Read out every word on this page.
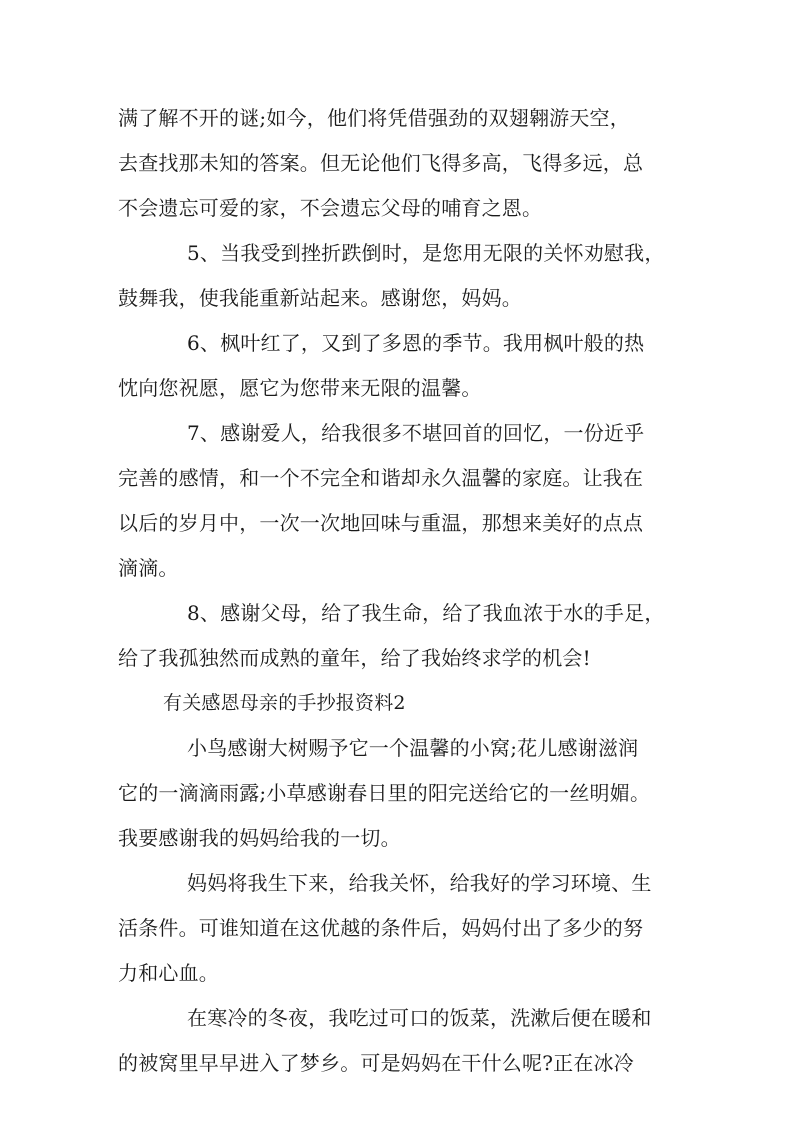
满了解不开的谜;如今，他们将凭借强劲的双翅翱游天空，
去查找那未知的答案。但无论他们飞得多高，飞得多远，总
不会遗忘可爱的家，不会遗忘父母的哺育之恩。
5、当我受到挫折跌倒时，是您用无限的关怀劝慰我，
鼓舞我，使我能重新站起来。感谢您，妈妈。
6、枫叶红了，又到了多恩的季节。我用枫叶般的热
忱向您祝愿，愿它为您带来无限的温馨。
7、感谢爱人，给我很多不堪回首的回忆，一份近乎
完善的感情，和一个不完全和谐却永久温馨的家庭。让我在
以后的岁月中，一次一次地回味与重温，那想来美好的点点
滴滴。
8、感谢父母，给了我生命，给了我血浓于水的手足，
给了我孤独然而成熟的童年，给了我始终求学的机会!
有关感恩母亲的手抄报资料2
小鸟感谢大树赐予它一个温馨的小窝;花儿感谢滋润
它的一滴滴雨露;小草感谢春日里的阳完送给它的一丝明媚。
我要感谢我的妈妈给我的一切。
妈妈将我生下来，给我关怀，给我好的学习环境、生
活条件。可谁知道在这优越的条件后，妈妈付出了多少的努
力和心血。
在寒冷的冬夜，我吃过可口的饭菜，洗漱后便在暖和
的被窝里早早进入了梦乡。可是妈妈在干什么呢?正在冰冷
